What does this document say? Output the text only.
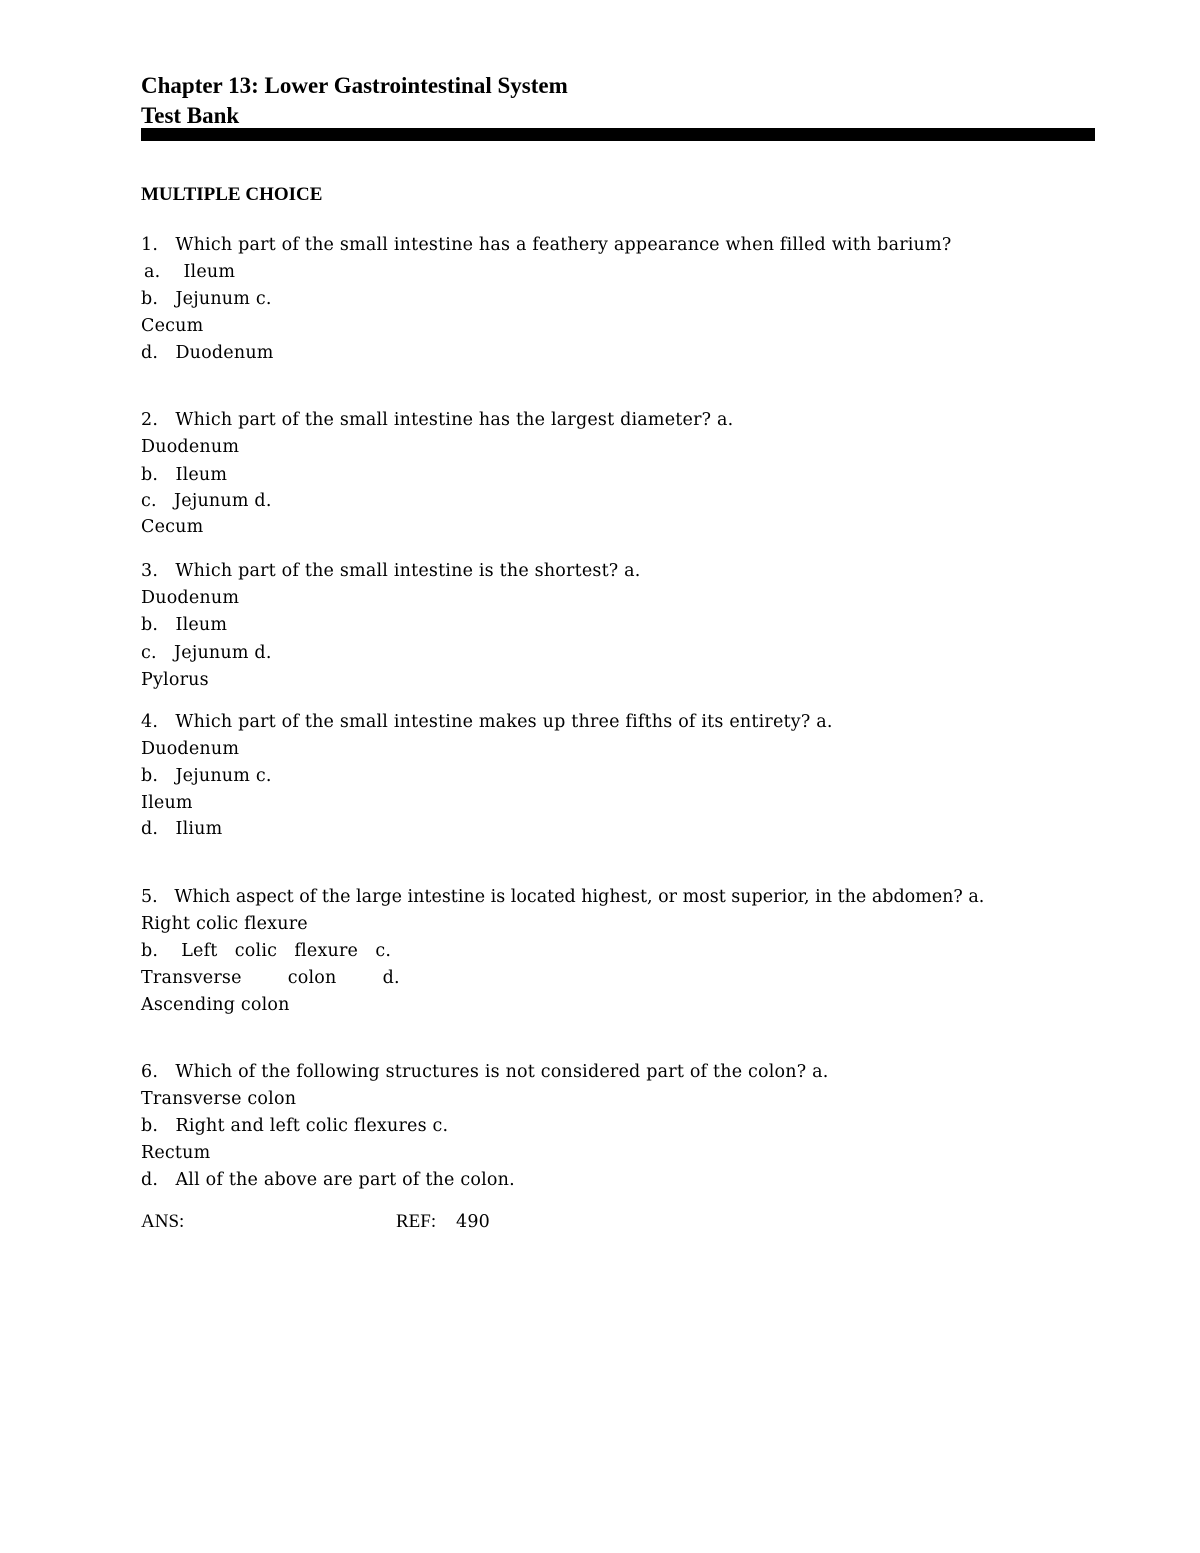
Chapter 13: Lower Gastrointestinal System
Test Bank
MULTIPLE CHOICE
1.   Which part of the small intestine has a feathery appearance when filled with barium?
a.    Ileum
b.   Jejunum c.
Cecum
d.   Duodenum
2.   Which part of the small intestine has the largest diameter? a.
Duodenum
b.   Ileum
c.   Jejunum d.
Cecum
3.   Which part of the small intestine is the shortest? a.
Duodenum
b.   Ileum
c.   Jejunum d.
Pylorus
4.   Which part of the small intestine makes up three fifths of its entirety? a.
Duodenum
b.   Jejunum c.
Ileum
d.   Ilium
5.   Which aspect of the large intestine is located highest, or most superior, in the abdomen? a.
Right colic flexure
b.    Left   colic   flexure   c.
Transverse        colon        d.
Ascending colon
6.   Which of the following structures is not considered part of the colon? a.
Transverse colon
b.   Right and left colic flexures c.
Rectum
d.   All of the above are part of the colon.
ANS:	REF: 490
